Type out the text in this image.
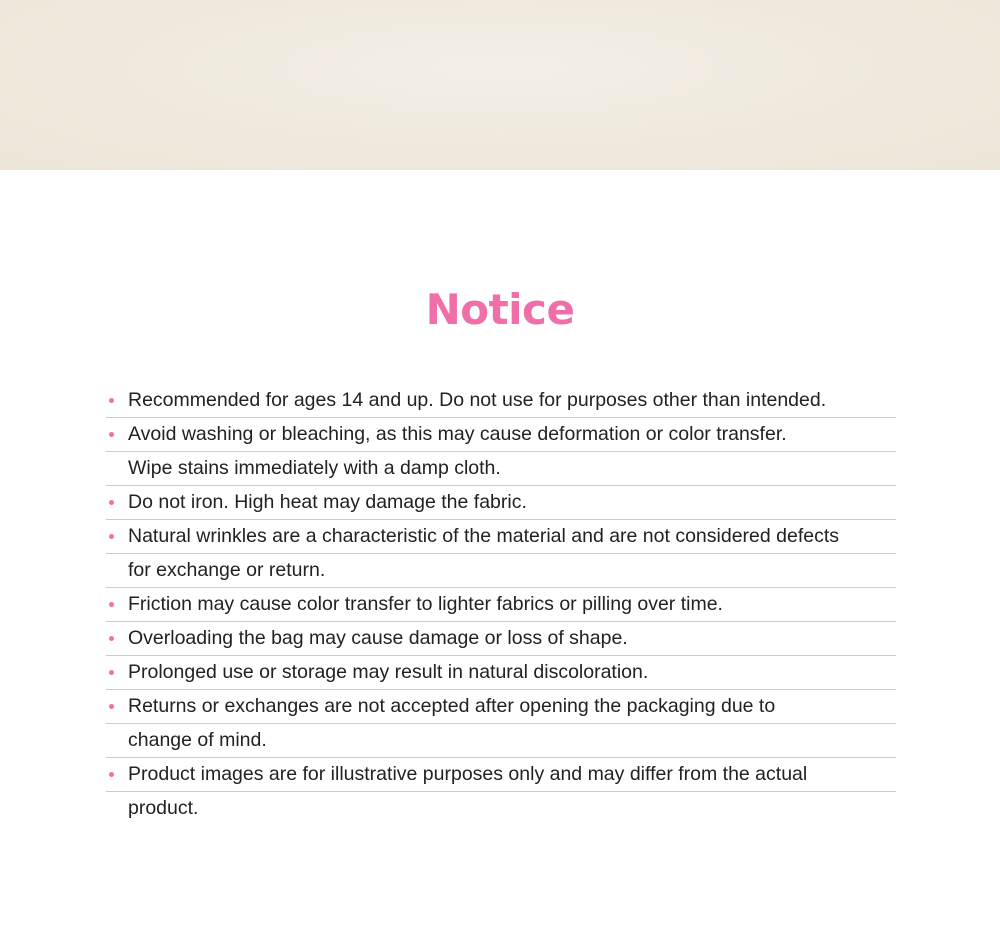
Notice
Recommended for ages 14 and up. Do not use for purposes other than intended.
Avoid washing or bleaching, as this may cause deformation or color transfer.
Wipe stains immediately with a damp cloth.
Do not iron. High heat may damage the fabric.
Natural wrinkles are a characteristic of the material and are not considered defects
for exchange or return.
Friction may cause color transfer to lighter fabrics or pilling over time.
Overloading the bag may cause damage or loss of shape.
Prolonged use or storage may result in natural discoloration.
Returns or exchanges are not accepted after opening the packaging due to
change of mind.
Product images are for illustrative purposes only and may differ from the actual
product.
